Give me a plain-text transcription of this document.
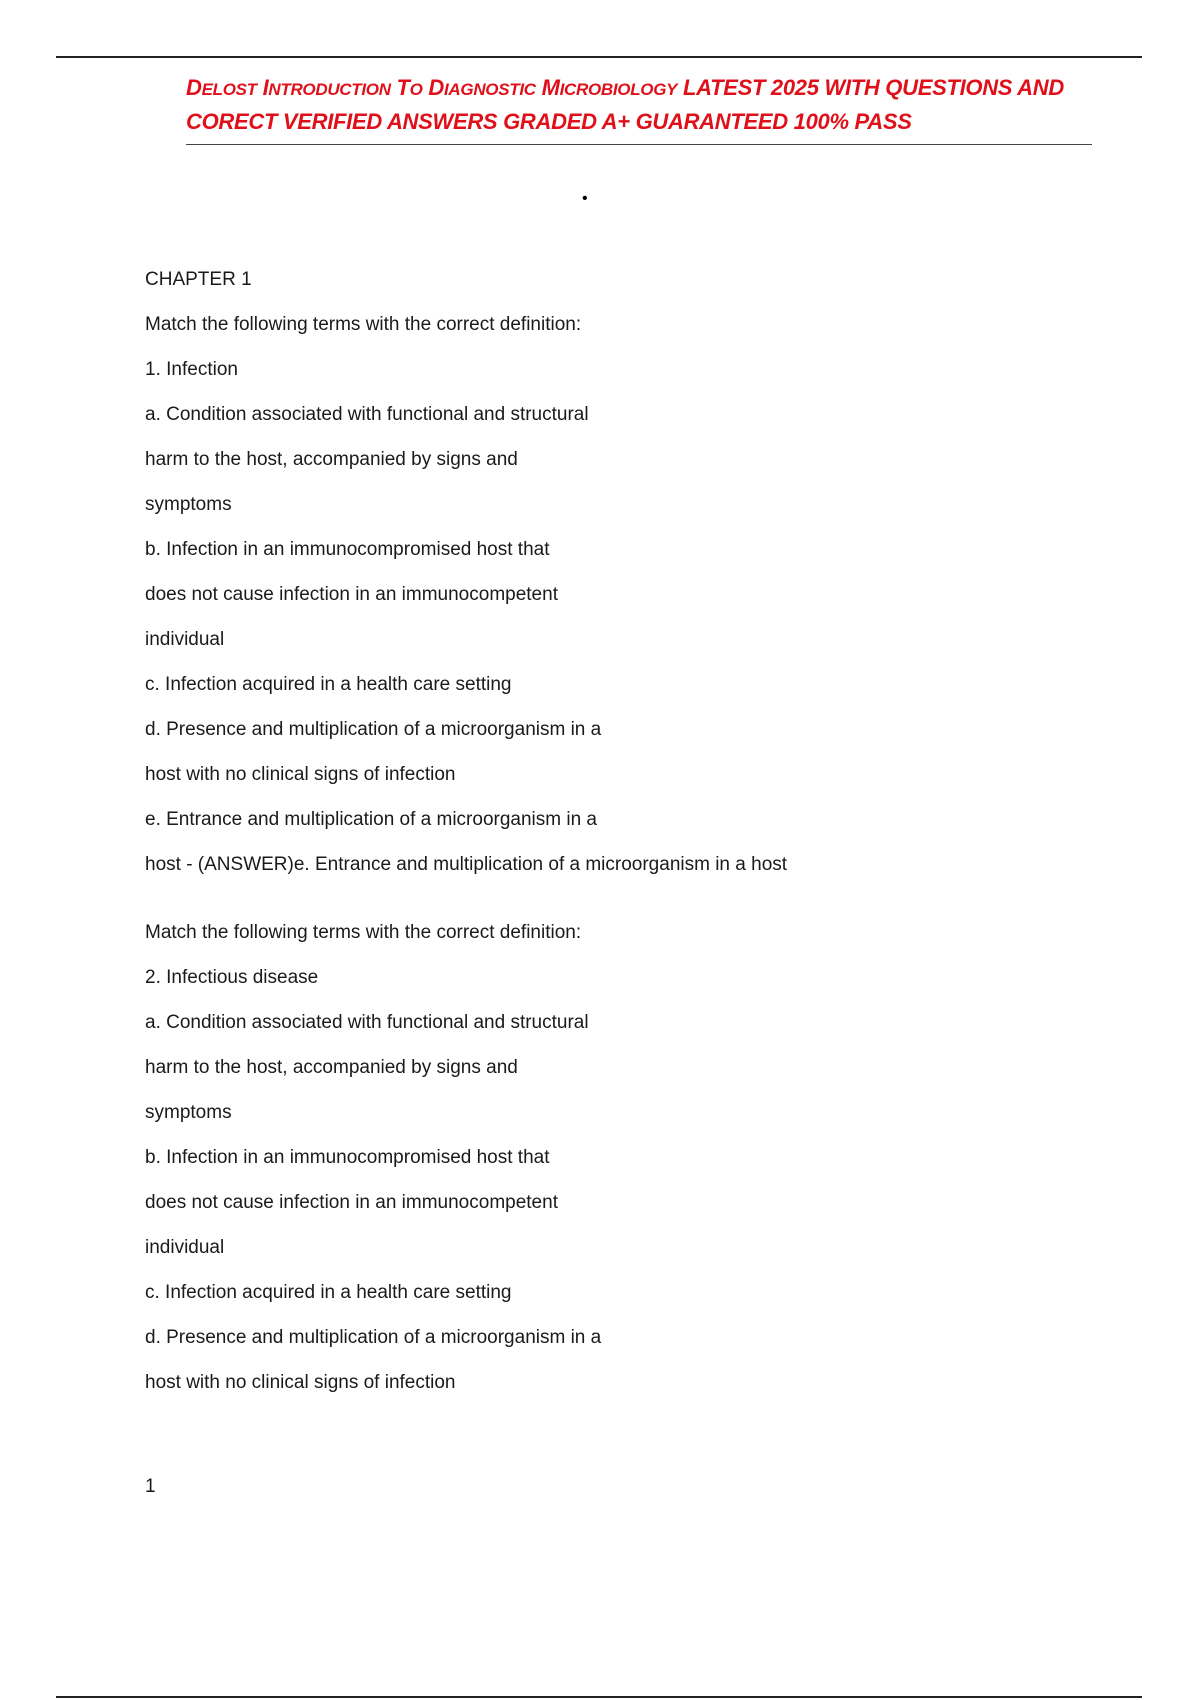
DELOST INTRODUCTION TO DIAGNOSTIC MICROBIOLOGY LATEST 2025 WITH QUESTIONS AND
CORECT VERIFIED ANSWERS GRADED A+ GUARANTEED 100% PASS
•

CHAPTER 1

Match the following terms with the correct definition:

1. Infection

a. Condition associated with functional and structural

harm to the host, accompanied by signs and

symptoms

b. Infection in an immunocompromised host that

does not cause infection in an immunocompetent

individual

c. Infection acquired in a health care setting

d. Presence and multiplication of a microorganism in a

host with no clinical signs of infection

e. Entrance and multiplication of a microorganism in a

host - (ANSWER)e. Entrance and multiplication of a microorganism in a host

Match the following terms with the correct definition:

2. Infectious disease

a. Condition associated with functional and structural

harm to the host, accompanied by signs and

symptoms

b. Infection in an immunocompromised host that

does not cause infection in an immunocompetent

individual

c. Infection acquired in a health care setting

d. Presence and multiplication of a microorganism in a

host with no clinical signs of infection

1
